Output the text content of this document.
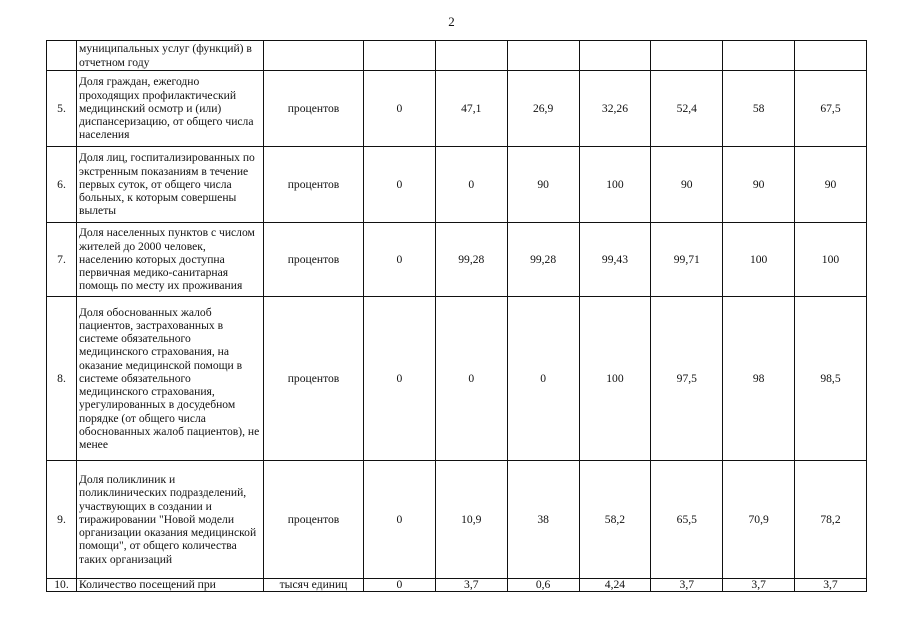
2
	муниципальных услуг (функций) в отчетном году								
5.	Доля граждан, ежегодно проходящих профилактический медицинский осмотр и (или) диспансеризацию, от общего числа населения	процентов	0	47,1	26,9	32,26	52,4	58	67,5
6.	Доля лиц, госпитализированных по экстренным показаниям в течение первых суток, от общего числа больных, к которым совершены вылеты	процентов	0	0	90	100	90	90	90
7.	Доля населенных пунктов с числом жителей до 2000 человек, населению которых доступна первичная медико-санитарная помощь по месту их проживания	процентов	0	99,28	99,28	99,43	99,71	100	100
8.	Доля обоснованных жалоб пациентов, застрахованных в системе обязательного медицинского страхования, на оказание медицинской помощи в системе обязательного медицинского страхования, урегулированных в досудебном порядке (от общего числа обоснованных жалоб пациентов), не менее	процентов	0	0	0	100	97,5	98	98,5
9.	Доля поликлиник и поликлинических подразделений, участвующих в создании и тиражировании "Новой модели организации оказания медицинской помощи", от общего количества таких организаций	процентов	0	10,9	38	58,2	65,5	70,9	78,2
10.	Количество посещений при	тысяч единиц	0	3,7	0,6	4,24	3,7	3,7	3,7
